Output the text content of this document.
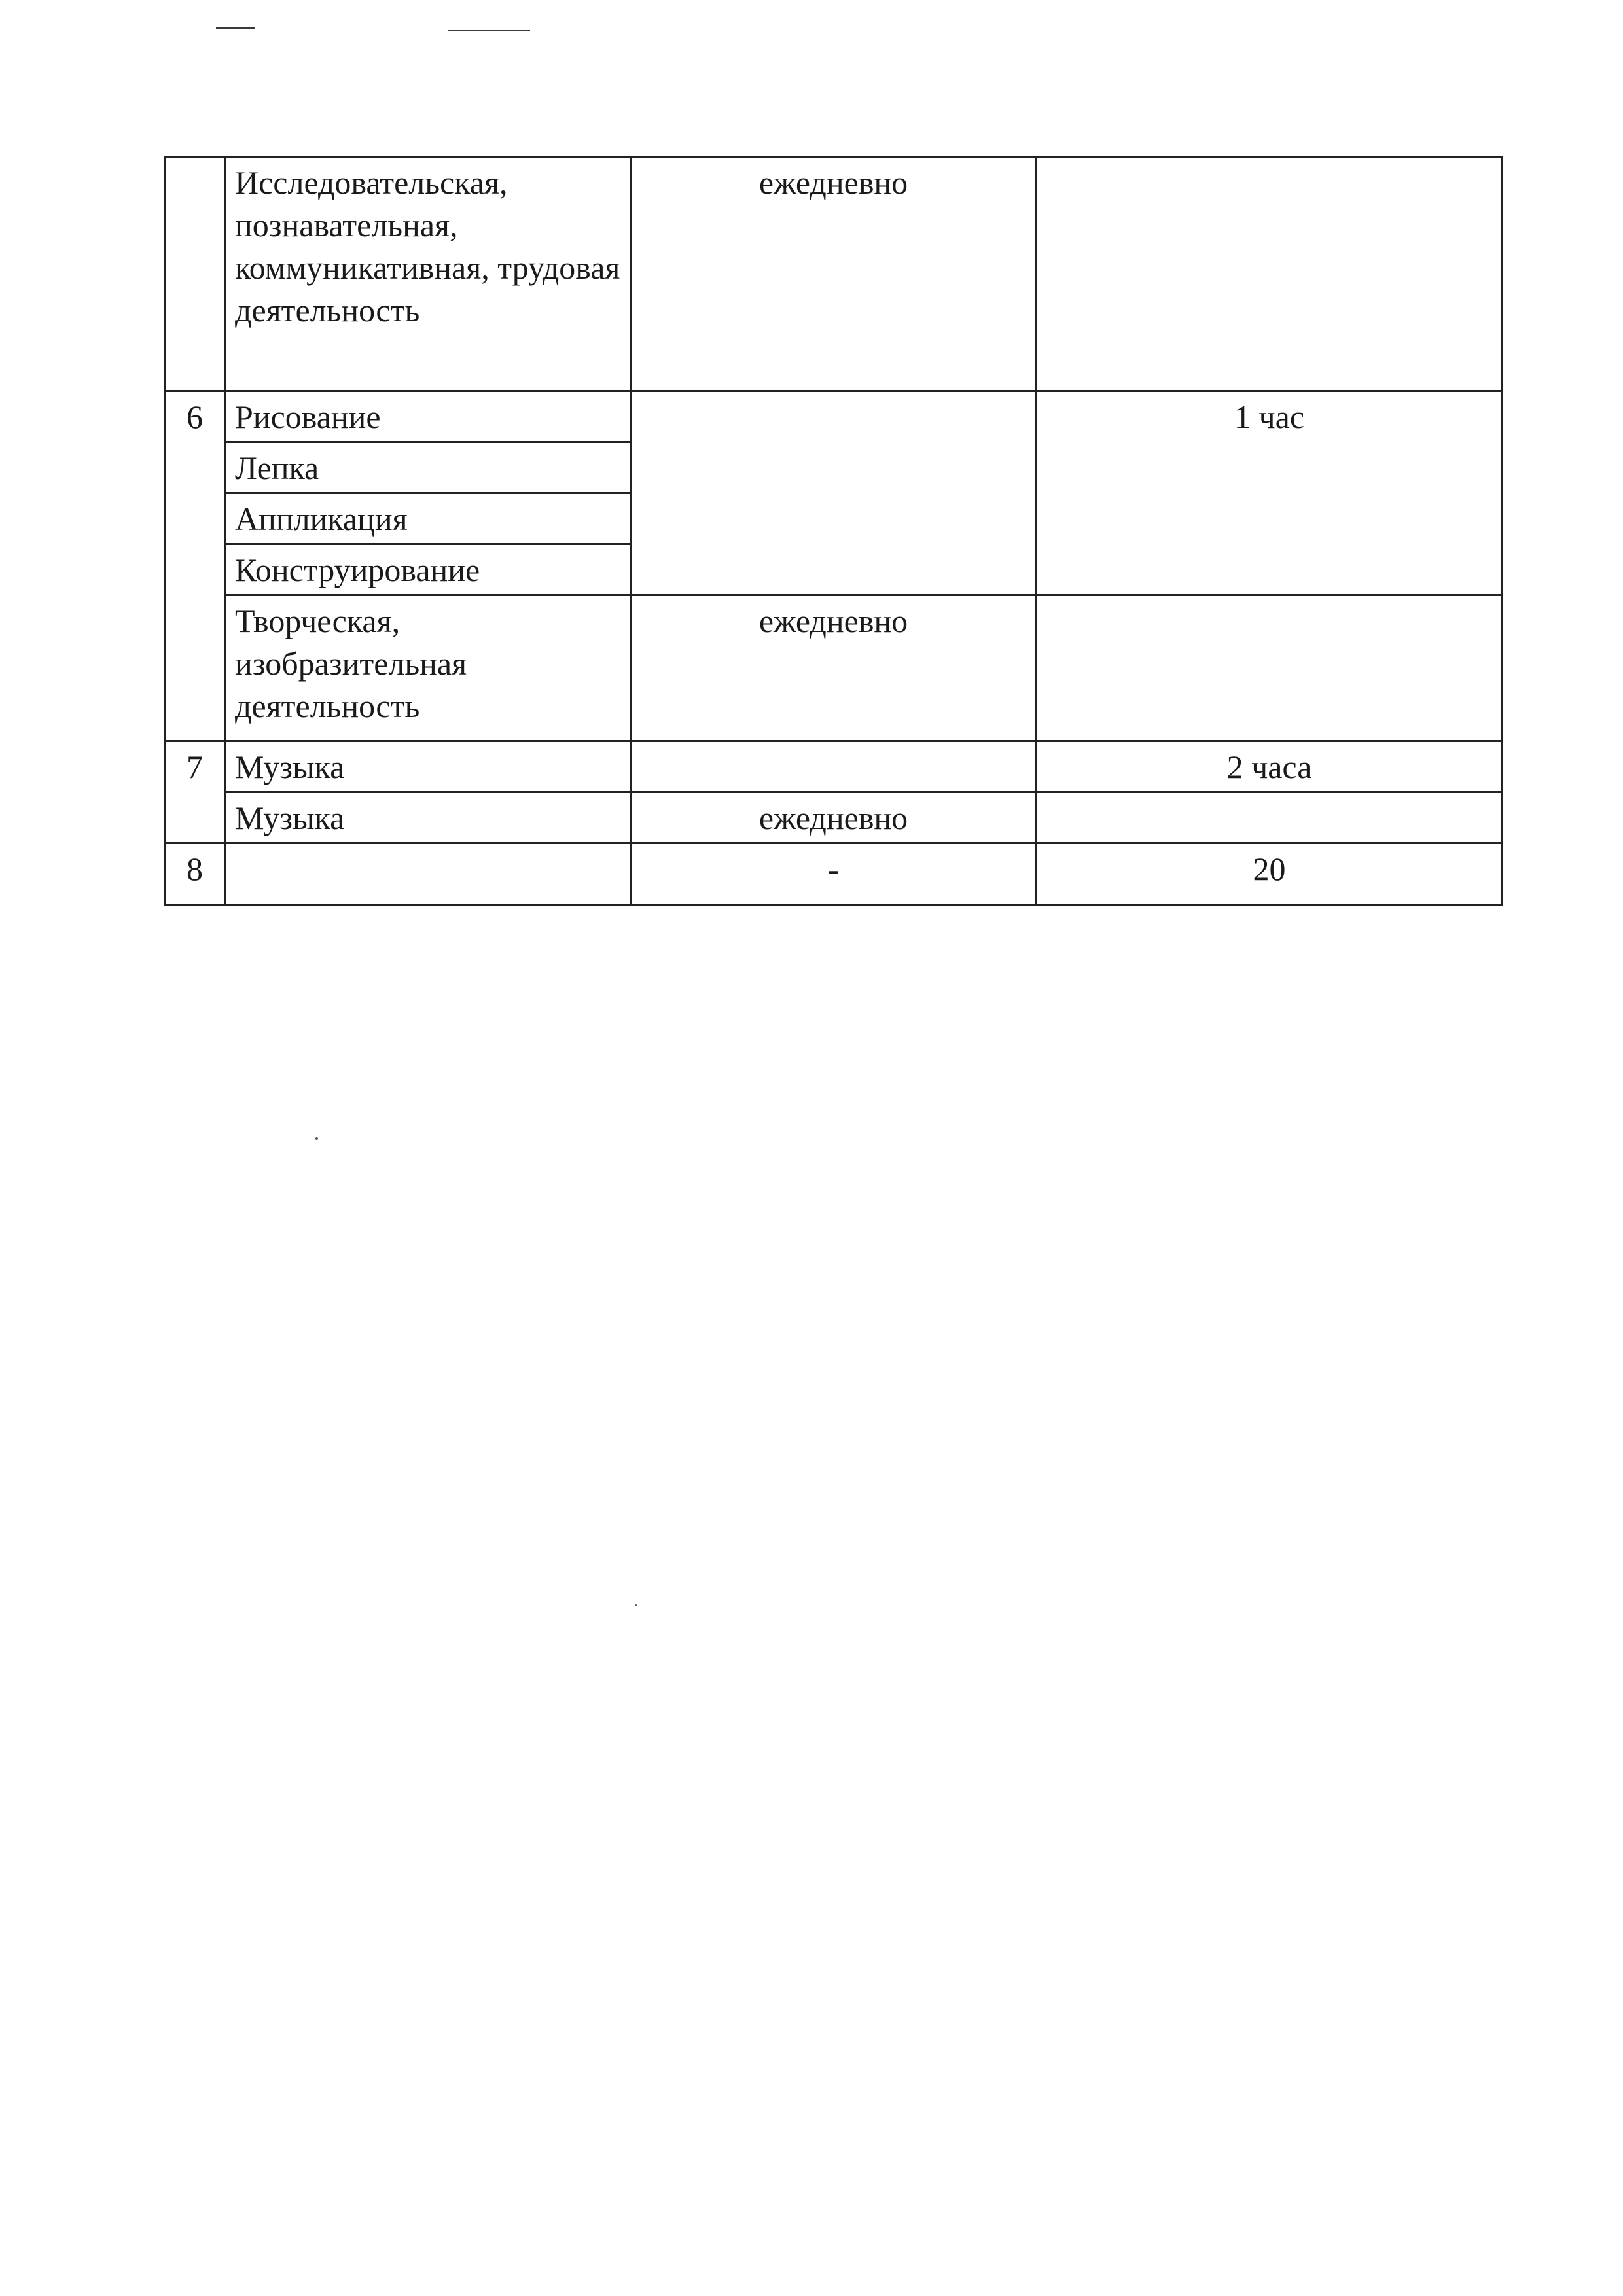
	Исследовательская, познавательная, коммуникативная, трудовая деятельность	ежедневно	
6	Рисование		1 час
	Лепка		
	Аппликация		
	Конструирование		
	Творческая, изобразительная деятельность	ежедневно	
7	Музыка		2 часа
	Музыка	ежедневно	
8		-	20
